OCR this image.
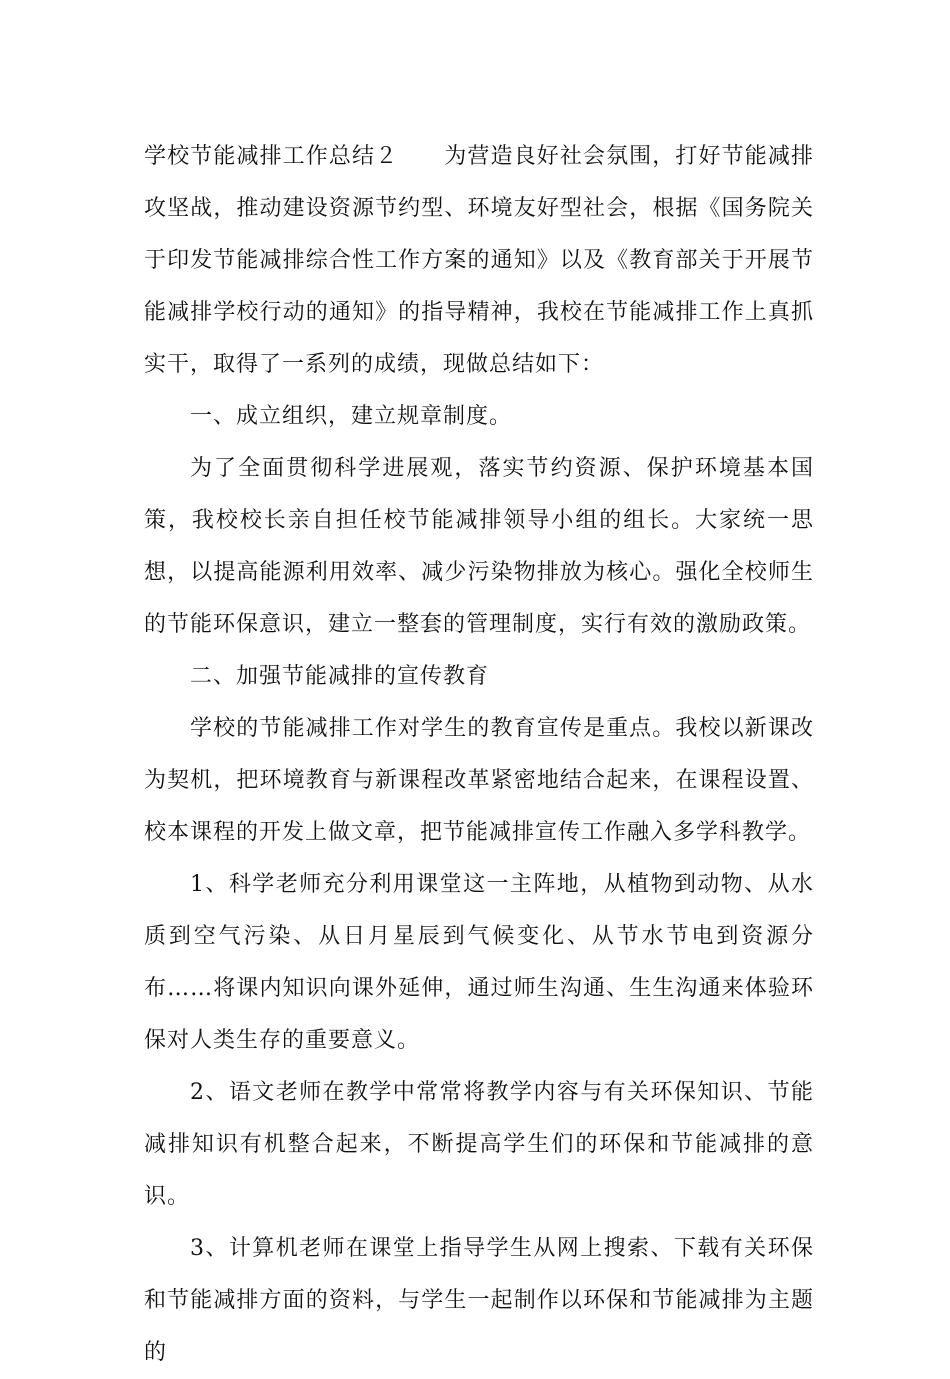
学校节能减排工作总结２ 为营造良好社会氛围，打好节能减排攻坚战，推动建设资源节约型、环境友好型社会，根据《国务院关于印发节能减排综合性工作方案的通知》以及《教育部关于开展节能减排学校行动的通知》的指导精神，我校在节能减排工作上真抓实干，取得了一系列的成绩，现做总结如下：

一、成立组织，建立规章制度。

为了全面贯彻科学进展观，落实节约资源、保护环境基本国策，我校校长亲自担任校节能减排领导小组的组长。大家统一思想，以提高能源利用效率、减少污染物排放为核心。强化全校师生的节能环保意识，建立一整套的管理制度，实行有效的激励政策。

二、加强节能减排的宣传教育

学校的节能减排工作对学生的教育宣传是重点。我校以新课改为契机，把环境教育与新课程改革紧密地结合起来，在课程设置、校本课程的开发上做文章，把节能减排宣传工作融入多学科教学。

1、科学老师充分利用课堂这一主阵地，从植物到动物、从水质到空气污染、从日月星辰到气候变化、从节水节电到资源分布……将课内知识向课外延伸，通过师生沟通、生生沟通来体验环保对人类生存的重要意义。

2、语文老师在教学中常常将教学内容与有关环保知识、节能减排知识有机整合起来，不断提高学生们的环保和节能减排的意识。

3、计算机老师在课堂上指导学生从网上搜索、下载有关环保和节能减排方面的资料，与学生一起制作以环保和节能减排为主题的
